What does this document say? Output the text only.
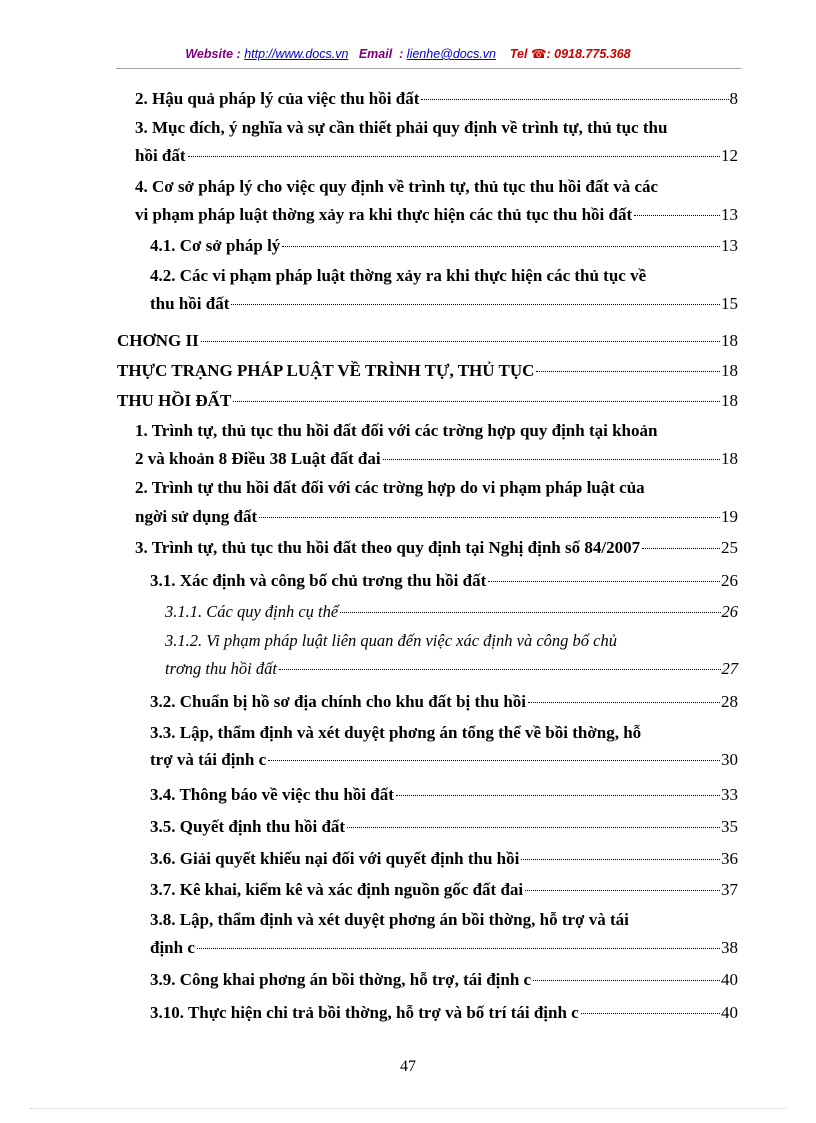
Website : http://www.docs.vn Email : lienhe@docs.vn Tel ☎: 0918.775.368
2. Hậu quả pháp lý của việc thu hồi đất	8
3. Mục đích, ý nghĩa và sự cần thiết phải quy định về trình tự, thủ tục thu
hồi đất	12
4. Cơ sở pháp lý cho việc quy định về trình tự, thủ tục thu hồi đất và các
vi phạm pháp luật thờng xảy ra khi thực hiện các thủ tục thu hồi đất	13
4.1. Cơ sở pháp lý	13
4.2. Các vi phạm pháp luật thờng xảy ra khi thực hiện các thủ tục về
thu hồi đất	15
CHƠNG II	18
THỰC TRẠNG PHÁP LUẬT VỀ TRÌNH TỰ, THỦ TỤC	18
THU HỒI ĐẤT	18
1. Trình tự, thủ tục thu hồi đất đối với các trờng hợp quy định tại khoản
2 và khoản 8 Điều 38 Luật đất đai	18
2. Trình tự thu hồi đất đối với các trờng hợp do vi phạm pháp luật của
ngời sử dụng đất	19
3. Trình tự, thủ tục thu hồi đất theo quy định tại Nghị định số 84/2007	25
3.1. Xác định và công bố chủ trơng thu hồi đất	26
3.1.1. Các quy định cụ thể	26
3.1.2. Vi phạm pháp luật liên quan đến việc xác định và công bố chủ
trơng thu hồi đất	27
3.2. Chuẩn bị hồ sơ địa chính cho khu đất bị thu hồi	28
3.3. Lập, thẩm định và xét duyệt phơng án tổng thể về bồi thờng, hỗ
trợ và tái định c	30
3.4. Thông báo về việc thu hồi đất	33
3.5. Quyết định thu hồi đất	35
3.6. Giải quyết khiếu nại đối với quyết định thu hồi	36
3.7. Kê khai, kiểm kê và xác định nguồn gốc đất đai	37
3.8. Lập, thẩm định và xét duyệt phơng án bồi thờng, hỗ trợ và tái
định c	38
3.9. Công khai phơng án bồi thờng, hỗ trợ, tái định c	40
3.10. Thực hiện chi trả bồi thờng, hỗ trợ và bố trí tái định c	40
47
